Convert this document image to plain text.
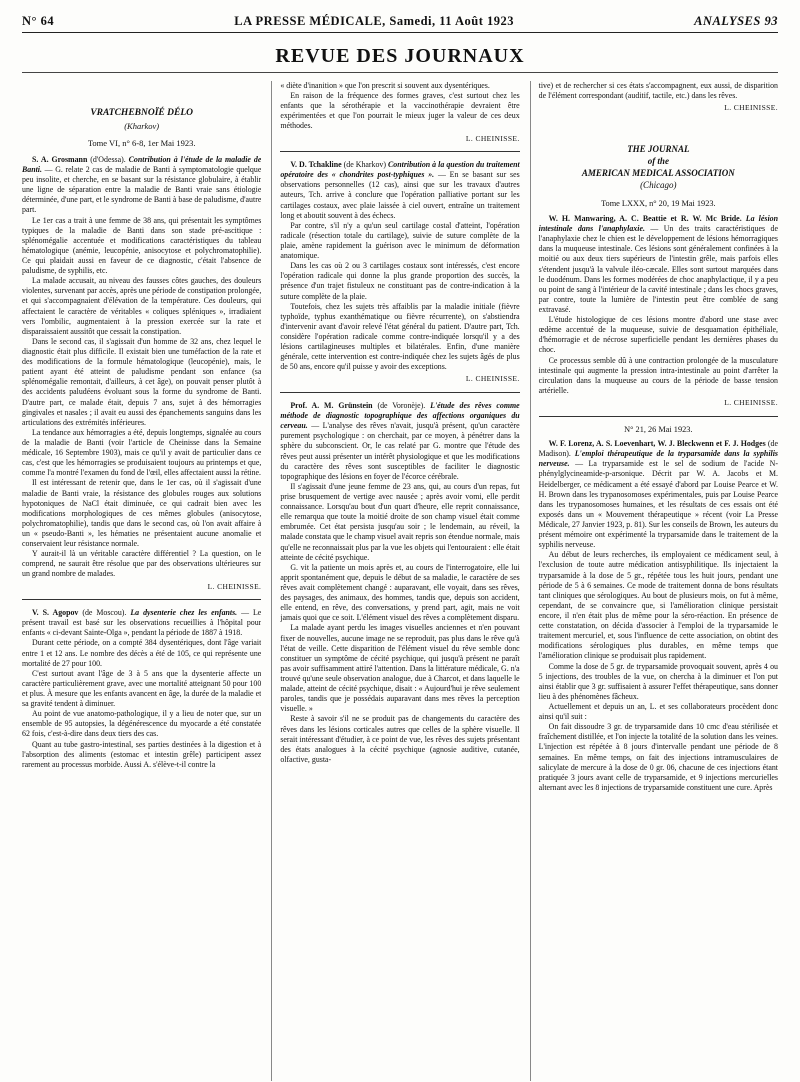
N° 64	LA PRESSE MÉDICALE, Samedi, 11 Août 1923	ANALYSES 93
REVUE DES JOURNAUX
VRATCHEBNOÏÉ DÉLO
(Kharkov)
Tome VI, n° 6-8, 1er Mai 1923.

S. A. Grosmann (d'Odessa). Contribution à l'étude de la maladie de Banti. — G. relate 2 cas de maladie de Banti à symptomatologie quelque peu insolite, et cherche, en se basant sur la résistance globulaire, à établir une ligne de séparation entre la maladie de Banti vraie sans étiologie déterminée, d'une part, et le syndrome de Banti à base de paludisme, d'autre part.

Le 1er cas a trait à une femme de 38 ans, qui présentait les symptômes typiques de la maladie de Banti dans son stade pré-ascitique : splénomégalie accentuée et modifications caractéristiques du tableau hématologique (anémie, leucopénie, anisocytose et polychromatophilie). Ce qui plaidait aussi en faveur de ce diagnostic, c'était l'absence de paludisme, de syphilis, etc.

La malade accusait, au niveau des fausses côtes gauches, des douleurs violentes, survenant par accès, après une période de constipation prolongée, et qui s'accompagnaient d'élévation de la température. Ces douleurs, qui affectaient le caractère de véritables « coliques spléniques », irradiaient vers l'ombilic, augmentaient à la pression exercée sur la rate et disparaissaient aussitôt que cessait la constipation.

Dans le second cas, il s'agissait d'un homme de 32 ans, chez lequel le diagnostic était plus difficile. Il existait bien une tuméfaction de la rate et des modifications de la formule hématologique (leucopénie), mais, le patient ayant été atteint de paludisme pendant son enfance (sa splénomégalie remontait, d'ailleurs, à cet âge), on pouvait penser plutôt à des accidents paludéens évoluant sous la forme du syndrome de Banti. D'autre part, ce malade était, depuis 7 ans, sujet à des hémorragies gingivales et nasales ; il avait eu aussi des épanchements sanguins dans les articulations des extrémités inférieures.

La tendance aux hémorragies a été, depuis longtemps, signalée au cours de la maladie de Banti (voir l'article de Cheinisse dans la Semaine médicale, 16 Septembre 1903), mais ce qu'il y avait de particulier dans ce cas, c'est que les hémorragies se produisaient toujours au printemps et que, comme l'a montré l'examen du fond de l'œil, elles affectaient aussi la rétine.

Il est intéressant de retenir que, dans le 1er cas, où il s'agissait d'une maladie de Banti vraie, la résistance des globules rouges aux solutions hypotoniques de NaCl était diminuée, ce qui cadrait bien avec les modifications morphologiques de ces mêmes globules (anisocytose, polychromatophilie), tandis que dans le second cas, où l'on avait affaire à un « pseudo-Banti », les hématies ne présentaient aucune anomalie et conservaient leur résistance normale.

Y aurait-il là un véritable caractère différentiel ? La question, on le comprend, ne saurait être résolue que par des observations ultérieures sur un grand nombre de malades.

L. CHEINISSE.

V. S. Agopov (de Moscou). La dysenterie chez les enfants. — Le présent travail est basé sur les observations recueillies à l'hôpital pour enfants « ci-devant Sainte-Olga », pendant la période de 1887 à 1918.

Durant cette période, on a compté 384 dysentériques, dont l'âge variait entre 1 et 12 ans. Le nombre des décès a été de 105, ce qui représente une mortalité de 27 pour 100.

C'est surtout avant l'âge de 3 à 5 ans que la dysenterie affecte un caractère particulièrement grave, avec une mortalité atteignant 50 pour 100 et plus. À mesure que les enfants avancent en âge, la durée de la maladie et sa gravité tendent à diminuer.

Au point de vue anatomo-pathologique, il y a lieu de noter que, sur un ensemble de 95 autopsies, la dégénérescence du myocarde a été constatée 62 fois, c'est-à-dire dans deux tiers des cas.

Quant au tube gastro-intestinal, ses parties destinées à la digestion et à l'absorption des aliments (estomac et intestin grêle) participent assez rarement au processus morbide. Aussi A. s'élève-t-il contre la

« diète d'inanition » que l'on prescrit si souvent aux dysentériques.

En raison de la fréquence des formes graves, c'est surtout chez les enfants que la sérothérapie et la vaccinothérapie devraient être expérimentées et que l'on pourrait le mieux juger la valeur de ces deux méthodes.

L. CHEINISSE.

V. D. Tchakline (de Kharkov) Contribution à la question du traitement opératoire des « chondrites post-typhiques ». — En se basant sur ses observations personnelles (12 cas), ainsi que sur les travaux d'autres auteurs, Tch. arrive à conclure que l'opération palliative portant sur les cartilages costaux, avec plaie laissée à ciel ouvert, entraîne un traitement long et aboutit souvent à des échecs.

Par contre, s'il n'y a qu'un seul cartilage costal d'atteint, l'opération radicale (résection totale du cartilage), suivie de suture complète de la plaie, amène rapidement la guérison avec le minimum de déformation anatomique.

Dans les cas où 2 ou 3 cartilages costaux sont intéressés, c'est encore l'opération radicale qui donne la plus grande proportion des succès, la présence d'un trajet fistuleux ne constituant pas de contre-indication à la suture complète de la plaie.

Toutefois, chez les sujets très affaiblis par la maladie initiale (fièvre typhoïde, typhus exanthématique ou fièvre récurrente), on s'abstiendra d'intervenir avant d'avoir relevé l'état général du patient. D'autre part, Tch. considère l'opération radicale comme contre-indiquée lorsqu'il y a des lésions cartilagineuses multiples et bilatérales. Enfin, d'une manière générale, cette intervention est contre-indiquée chez les sujets âgés de plus de 50 ans, encore qu'il puisse y avoir des exceptions.

L. CHEINISSE.

Prof. A. M. Grünstein (de Voronèje). L'étude des rêves comme méthode de diagnostic topographique des affections organiques du cerveau. — L'analyse des rêves n'avait, jusqu'à présent, qu'un caractère purement psychologique : on cherchait, par ce moyen, à pénétrer dans la sphère du subconscient. Or, le cas relaté par G. montre que l'étude des rêves peut aussi présenter un intérêt physiologique et que les modifications du caractère des rêves sont susceptibles de faciliter le diagnostic topographique des lésions en foyer de l'écorce cérébrale.

Il s'agissait d'une jeune femme de 23 ans, qui, au cours d'un repas, fut prise brusquement de vertige avec nausée ; après avoir vomi, elle perdit connaissance. Lorsqu'au bout d'un quart d'heure, elle reprit connaissance, elle remarqua que toute la moitié droite de son champ visuel était comme embrumée. Cet état persista jusqu'au soir ; le lendemain, au réveil, la malade constata que le champ visuel avait repris son étendue normale, mais qu'elle ne reconnaissait plus par la vue les objets qui l'entouraient : elle était atteinte de cécité psychique.

G. vit la patiente un mois après et, au cours de l'interrogatoire, elle lui apprit spontanément que, depuis le début de sa maladie, le caractère de ses rêves avait complètement changé : auparavant, elle voyait, dans ses rêves, des paysages, des animaux, des hommes, tandis que, depuis son accident, elle entend, en rêve, des conversations, y prend part, agit, mais ne voit jamais quoi que ce soit. L'élément visuel des rêves a complètement disparu.

La malade ayant perdu les images visuelles anciennes et n'en pouvant fixer de nouvelles, aucune image ne se reproduit, pas plus dans le rêve qu'à l'état de veille. Cette disparition de l'élément visuel du rêve semble donc constituer un symptôme de cécité psychique, qui jusqu'à présent ne paraît pas avoir suffisamment attiré l'attention. Dans la littérature médicale, G. n'a trouvé qu'une seule observation analogue, due à Charcot, et dans laquelle le malade, atteint de cécité psychique, disait : « Aujourd'hui je rêve seulement paroles, tandis que je possédais auparavant dans mes rêves la perception visuelle. »

Reste à savoir s'il ne se produit pas de changements du caractère des rêves dans les lésions corticales autres que celles de la sphère visuelle. Il serait intéressant d'étudier, à ce point de vue, les rêves des sujets présentant des états analogues à la cécité psychique (agnosie auditive, cutanée, olfactive, gusta-

tive) et de rechercher si ces états s'accompagnent, eux aussi, de disparition de l'élément correspondant (auditif, tactile, etc.) dans les rêves.

L. CHEINISSE.
THE JOURNAL
of the
AMERICAN MEDICAL ASSOCIATION
(Chicago)
Tome LXXX, n° 20, 19 Mai 1923.

W. H. Manwaring, A. C. Beattie et R. W. Mc Bride. La lésion intestinale dans l'anaphylaxie. — Un des traits caractéristiques de l'anaphylaxie chez le chien est le développement de lésions hémorragiques dans la muqueuse intestinale. Ces lésions sont généralement confinées à la moitié ou aux deux tiers supérieurs de l'intestin grêle, mais parfois elles s'étendent jusqu'à la valvule iléo-cæcale. Elles sont surtout marquées dans le duodénum. Dans les formes modérées de choc anaphylactique, il y a peu ou point de sang à l'intérieur de la cavité intestinale ; dans les chocs graves, par contre, toute la lumière de l'intestin peut être comblée de sang extravasé.

L'étude histologique de ces lésions montre d'abord une stase avec œdème accentué de la muqueuse, suivie de desquamation épithéliale, d'hémorragie et de nécrose superficielle pendant les dernières phases du choc.

Ce processus semble dû à une contraction prolongée de la musculature intestinale qui augmente la pression intra-intestinale au point d'arrêter la circulation dans la muqueuse au cours de la période de basse tension artérielle.

L. CHEINISSE.
N° 21, 26 Mai 1923.

W. F. Lorenz, A. S. Loevenhart, W. J. Bleckwenn et F. J. Hodges (de Madison). L'emploi thérapeutique de la tryparsamide dans la syphilis nerveuse. — La tryparsamide est le sel de sodium de l'acide N-phénylglycineamide-p-arsonique. Décrit par W. A. Jacobs et M. Heidelberger, ce médicament a été essayé d'abord par Louise Pearce et W. H. Brown dans les trypanosomoses expérimentales, puis par Louise Pearce dans les trypanosomoses humaines, et les résultats de ces essais ont été exposés dans un « Mouvement thérapeutique » récent (voir La Presse Médicale, 27 Janvier 1923, p. 81). Sur les conseils de Brown, les auteurs du présent mémoire ont expérimenté la tryparsamide dans le traitement de la syphilis nerveuse.

Au début de leurs recherches, ils employaient ce médicament seul, à l'exclusion de toute autre médication antisyphilitique. Ils injectaient la tryparsamide à la dose de 5 gr., répétée tous les huit jours, pendant une période de 5 à 6 semaines. Ce mode de traitement donna de bons résultats tant cliniques que sérologiques. Au bout de plusieurs mois, on fut à même, cependant, de se convaincre que, si l'amélioration clinique persistait encore, il n'en était plus de même pour la séro-réaction. En présence de cette constatation, on décida d'associer à l'emploi de la tryparsamide le traitement mercuriel, et, sous l'influence de cette association, on obtint des modifications sérologiques plus durables, en même temps que l'amélioration clinique se produisait plus rapidement.

Comme la dose de 5 gr. de tryparsamide provoquait souvent, après 4 ou 5 injections, des troubles de la vue, on chercha à la diminuer et l'on put ainsi établir que 3 gr. suffisaient à assurer l'effet thérapeutique, sans donner lieu à des phénomènes fâcheux.

Actuellement et depuis un an, L. et ses collaborateurs procèdent donc ainsi qu'il suit :

On fait dissoudre 3 gr. de tryparsamide dans 10 cmc d'eau stérilisée et fraîchement distillée, et l'on injecte la totalité de la solution dans les veines. L'injection est répétée à 8 jours d'intervalle pendant une période de 8 semaines. En même temps, on fait des injections intramusculaires de salicylate de mercure à la dose de 0 gr. 06, chacune de ces injections étant pratiquée 3 jours avant celle de tryparsamide, et 9 injections mercurielles alternant avec les 8 injections de tryparsamide constituent une cure. Après
